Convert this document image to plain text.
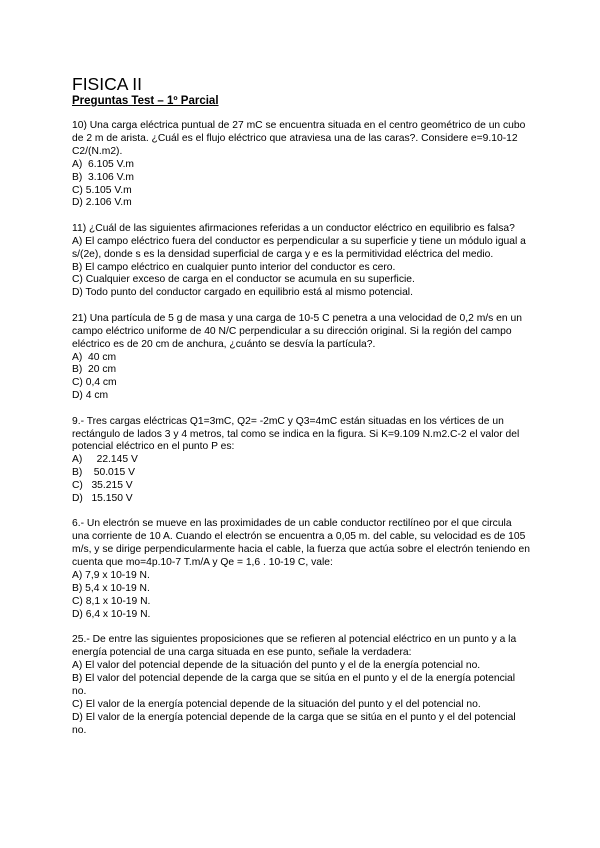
FISICA II
Preguntas Test – 1º Parcial

10) Una carga eléctrica puntual de 27 mC se encuentra situada en el centro geométrico de un cubo de 2 m de arista. ¿Cuál es el flujo eléctrico que atraviesa una de las caras?. Considere e=9.10-12 C2/(N.m2).

A)  6.105 V.m
B)  3.106 V.m
C) 5.105 V.m
D) 2.106 V.m

11) ¿Cuál de las siguientes afirmaciones referidas a un conductor eléctrico en equilibrio es falsa?

A) El campo eléctrico fuera del conductor es perpendicular a su superficie y tiene un módulo igual a s/(2e), donde s es la densidad superficial de carga y e es la permitividad eléctrica del medio.
B) El campo eléctrico en cualquier punto interior del conductor es cero.
C) Cualquier exceso de carga en el conductor se acumula en su superficie.
D) Todo punto del conductor cargado en equilibrio está al mismo potencial.

21) Una partícula de 5 g de masa y una carga de 10-5 C penetra a una velocidad de 0,2 m/s en un campo eléctrico uniforme de 40 N/C perpendicular a su dirección original. Si la región del campo eléctrico es de 20 cm de anchura, ¿cuánto se desvía la partícula?.

A)  40 cm
B)  20 cm
C) 0,4 cm
D) 4 cm

9.- Tres cargas eléctricas Q1=3mC, Q2= -2mC y Q3=4mC están situadas en los vértices de un rectángulo de lados 3 y 4 metros, tal como se indica en la figura. Si K=9.109 N.m2.C-2 el valor del potencial eléctrico en el punto P es:

A)     22.145 V
B)    50.015 V
C)   35.215 V
D)   15.150 V

6.- Un electrón se mueve en las proximidades de un cable conductor rectilíneo por el que circula una corriente de 10 A. Cuando el electrón se encuentra a 0,05 m. del cable, su velocidad es de 105 m/s, y se dirige perpendicularmente hacia el cable, la fuerza que actúa sobre el electrón teniendo en cuenta que mo=4p.10-7 T.m/A y Qe = 1,6 . 10-19 C, vale:

A) 7,9 x 10-19 N.
B) 5,4 x 10-19 N.
C) 8,1 x 10-19 N.
D) 6,4 x 10-19 N.

25.- De entre las siguientes proposiciones que se refieren al potencial eléctrico en un punto y a la energía potencial de una carga situada en ese punto, señale la verdadera:

A) El valor del potencial depende de la situación del punto y el de la energía potencial no.
B) El valor del potencial depende de la carga que se sitúa en el punto y el de la energía potencial no.
C) El valor de la energía potencial depende de la situación del punto y el del potencial no.
D) El valor de la energía potencial depende de la carga que se sitúa en el punto y el del potencial no.
